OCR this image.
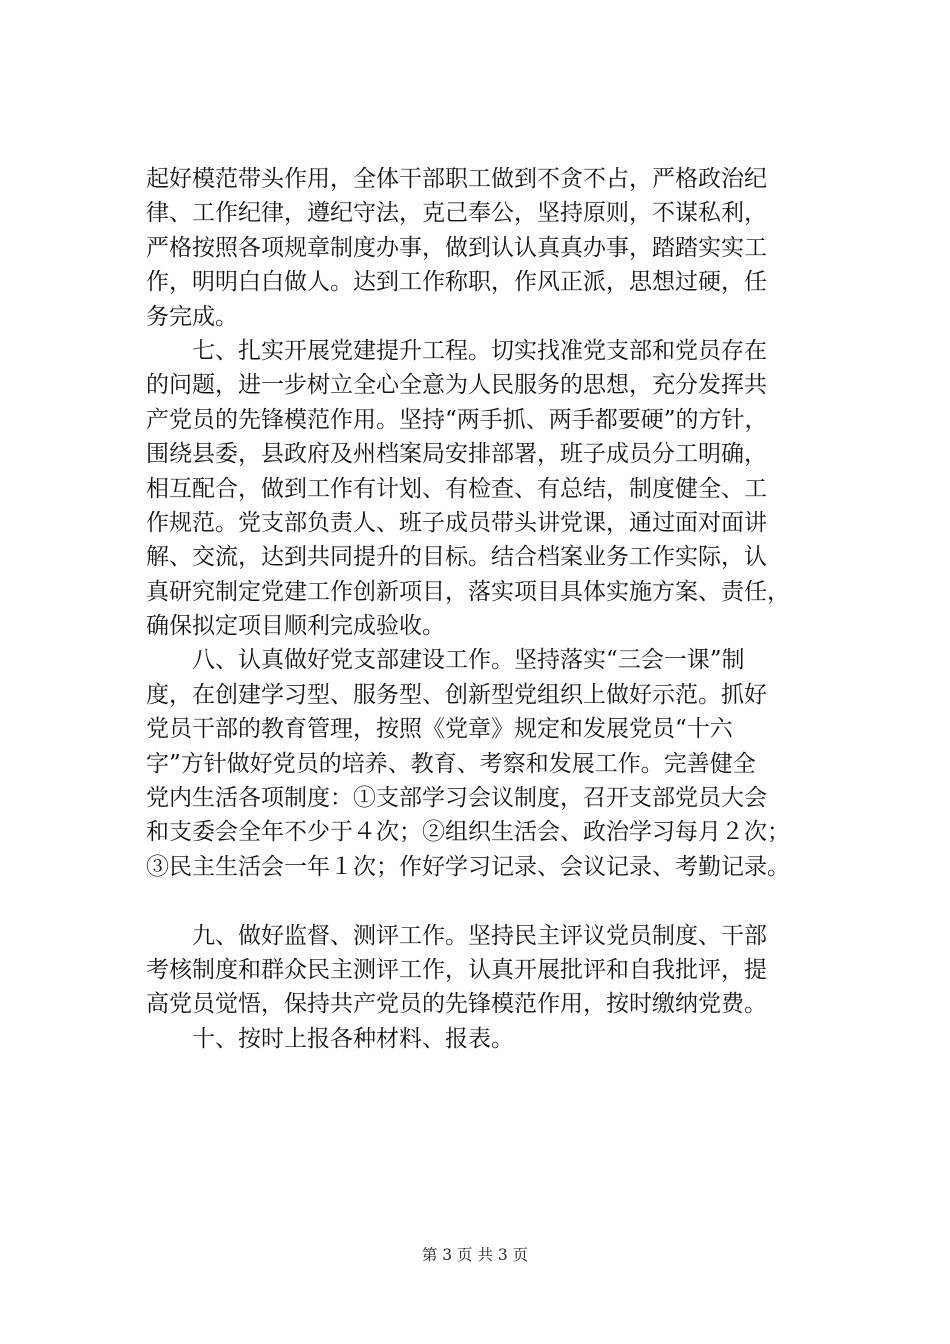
起好模范带头作用，全体干部职工做到不贪不占，严格政治纪
律、工作纪律，遵纪守法，克己奉公，坚持原则，不谋私利，
严格按照各项规章制度办事，做到认认真真办事，踏踏实实工
作，明明白白做人。达到工作称职，作风正派，思想过硬，任
务完成。
　　七、扎实开展党建提升工程。切实找准党支部和党员存在
的问题，进一步树立全心全意为人民服务的思想，充分发挥共
产党员的先锋模范作用。坚持“两手抓、两手都要硬”的方针，
围绕县委，县政府及州档案局安排部署，班子成员分工明确，
相互配合，做到工作有计划、有检查、有总结，制度健全、工
作规范。党支部负责人、班子成员带头讲党课，通过面对面讲
解、交流，达到共同提升的目标。结合档案业务工作实际，认
真研究制定党建工作创新项目，落实项目具体实施方案、责任，
确保拟定项目顺利完成验收。
　　八、认真做好党支部建设工作。坚持落实“三会一课”制
度，在创建学习型、服务型、创新型党组织上做好示范。抓好
党员干部的教育管理，按照《党章》规定和发展党员“十六
字”方针做好党员的培养、教育、考察和发展工作。完善健全
党内生活各项制度：①支部学习会议制度，召开支部党员大会
和支委会全年不少于４次；②组织生活会、政治学习每月２次；
③民主生活会一年１次；作好学习记录、会议记录、考勤记录。
　　九、做好监督、测评工作。坚持民主评议党员制度、干部
考核制度和群众民主测评工作，认真开展批评和自我批评，提
高党员觉悟，保持共产党员的先锋模范作用，按时缴纳党费。
　　十、按时上报各种材料、报表。
第 3 页 共 3 页
